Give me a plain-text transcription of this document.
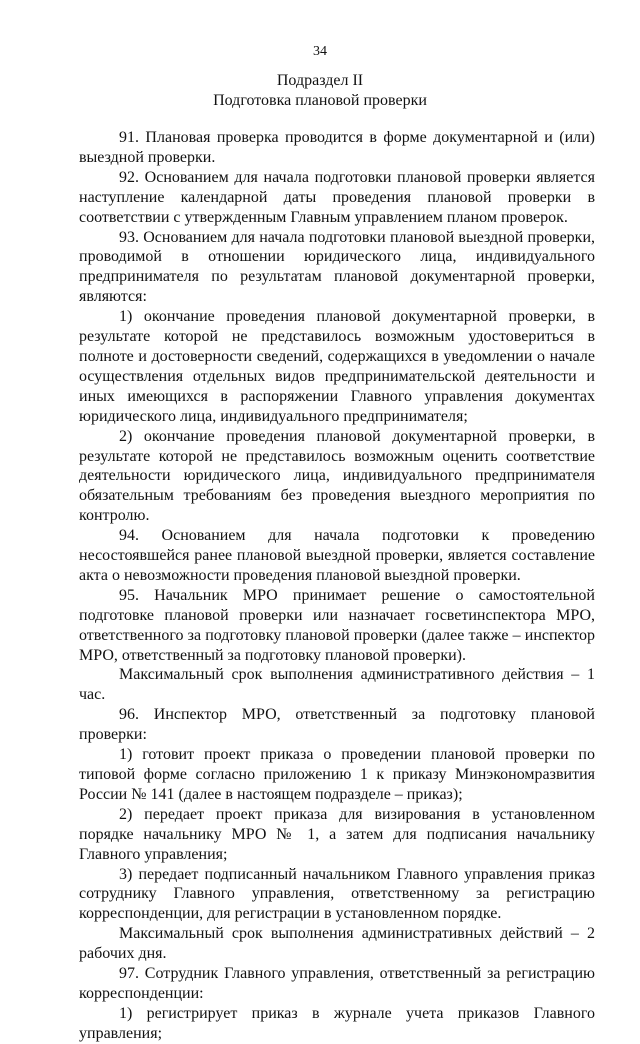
34
Подраздел II
Подготовка плановой проверки

91. Плановая проверка проводится в форме документарной и (или) выездной проверки.

92. Основанием для начала подготовки плановой проверки является наступление календарной даты проведения плановой проверки в соответствии с утвержденным Главным управлением планом проверок.

93. Основанием для начала подготовки плановой выездной проверки, проводимой в отношении юридического лица, индивидуального предпринимателя по результатам плановой документарной проверки, являются:

1) окончание проведения плановой документарной проверки, в результате которой не представилось возможным удостовериться в полноте и достоверности сведений, содержащихся в уведомлении о начале осуществления отдельных видов предпринимательской деятельности и иных имеющихся в распоряжении Главного управления документах юридического лица, индивидуального предпринимателя;

2) окончание проведения плановой документарной проверки, в результате которой не представилось возможным оценить соответствие деятельности юридического лица, индивидуального предпринимателя обязательным требованиям без проведения выездного мероприятия по контролю.

94. Основанием для начала подготовки к проведению несостоявшейся ранее плановой выездной проверки, является составление акта о невозможности проведения плановой выездной проверки.

95. Начальник МРО принимает решение о самостоятельной подготовке плановой проверки или назначает госветинспектора МРО, ответственного за подготовку плановой проверки (далее также – инспектор МРО, ответственный за подготовку плановой проверки).

Максимальный срок выполнения административного действия – 1 час.

96. Инспектор МРО, ответственный за подготовку плановой проверки:

1) готовит проект приказа о проведении плановой проверки по типовой форме согласно приложению 1 к приказу Минэкономразвития России № 141 (далее в настоящем подразделе – приказ);

2) передает проект приказа для визирования в установленном порядке начальнику МРО № 1, а затем для подписания начальнику Главного управления;

3) передает подписанный начальником Главного управления приказ сотруднику Главного управления, ответственному за регистрацию корреспонденции, для регистрации в установленном порядке.

Максимальный срок выполнения административных действий – 2 рабочих дня.

97. Сотрудник Главного управления, ответственный за регистрацию корреспонденции:

1) регистрирует приказ в журнале учета приказов Главного управления;
